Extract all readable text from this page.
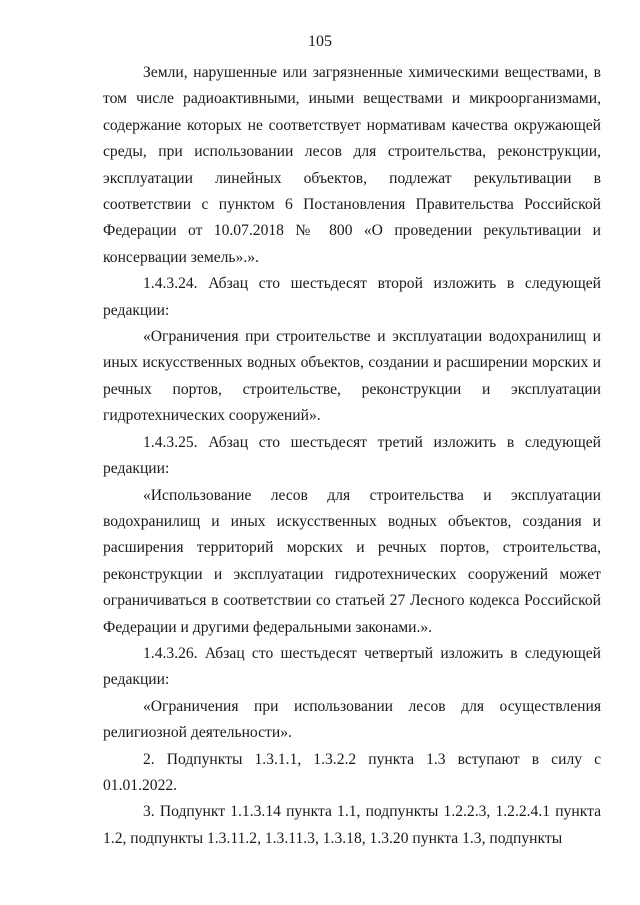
105

Земли, нарушенные или загрязненные химическими веществами, в том числе радиоактивными, иными веществами и микроорганизмами, содержание которых не соответствует нормативам качества окружающей среды, при использовании лесов для строительства, реконструкции, эксплуатации линейных объектов, подлежат рекультивации в соответствии с пунктом 6 Постановления Правительства Российской Федерации от 10.07.2018 № 800 «О проведении рекультивации и консервации земель».».

1.4.3.24. Абзац сто шестьдесят второй изложить в следующей редакции:

«Ограничения при строительстве и эксплуатации водохранилищ и иных искусственных водных объектов, создании и расширении морских и речных портов, строительстве, реконструкции и эксплуатации гидротехнических сооружений».

1.4.3.25. Абзац сто шестьдесят третий изложить в следующей редакции:

«Использование лесов для строительства и эксплуатации водохранилищ и иных искусственных водных объектов, создания и расширения территорий морских и речных портов, строительства, реконструкции и эксплуатации гидротехнических сооружений может ограничиваться в соответствии со статьей 27 Лесного кодекса Российской Федерации и другими федеральными законами.».

1.4.3.26. Абзац сто шестьдесят четвертый изложить в следующей редакции:

«Ограничения при использовании лесов для осуществления религиозной деятельности».

2. Подпункты 1.3.1.1, 1.3.2.2 пункта 1.3 вступают в силу с 01.01.2022.

3. Подпункт 1.1.3.14 пункта 1.1, подпункты 1.2.2.3, 1.2.2.4.1 пункта 1.2, подпункты 1.3.11.2, 1.3.11.3, 1.3.18, 1.3.20 пункта 1.3, подпункты
